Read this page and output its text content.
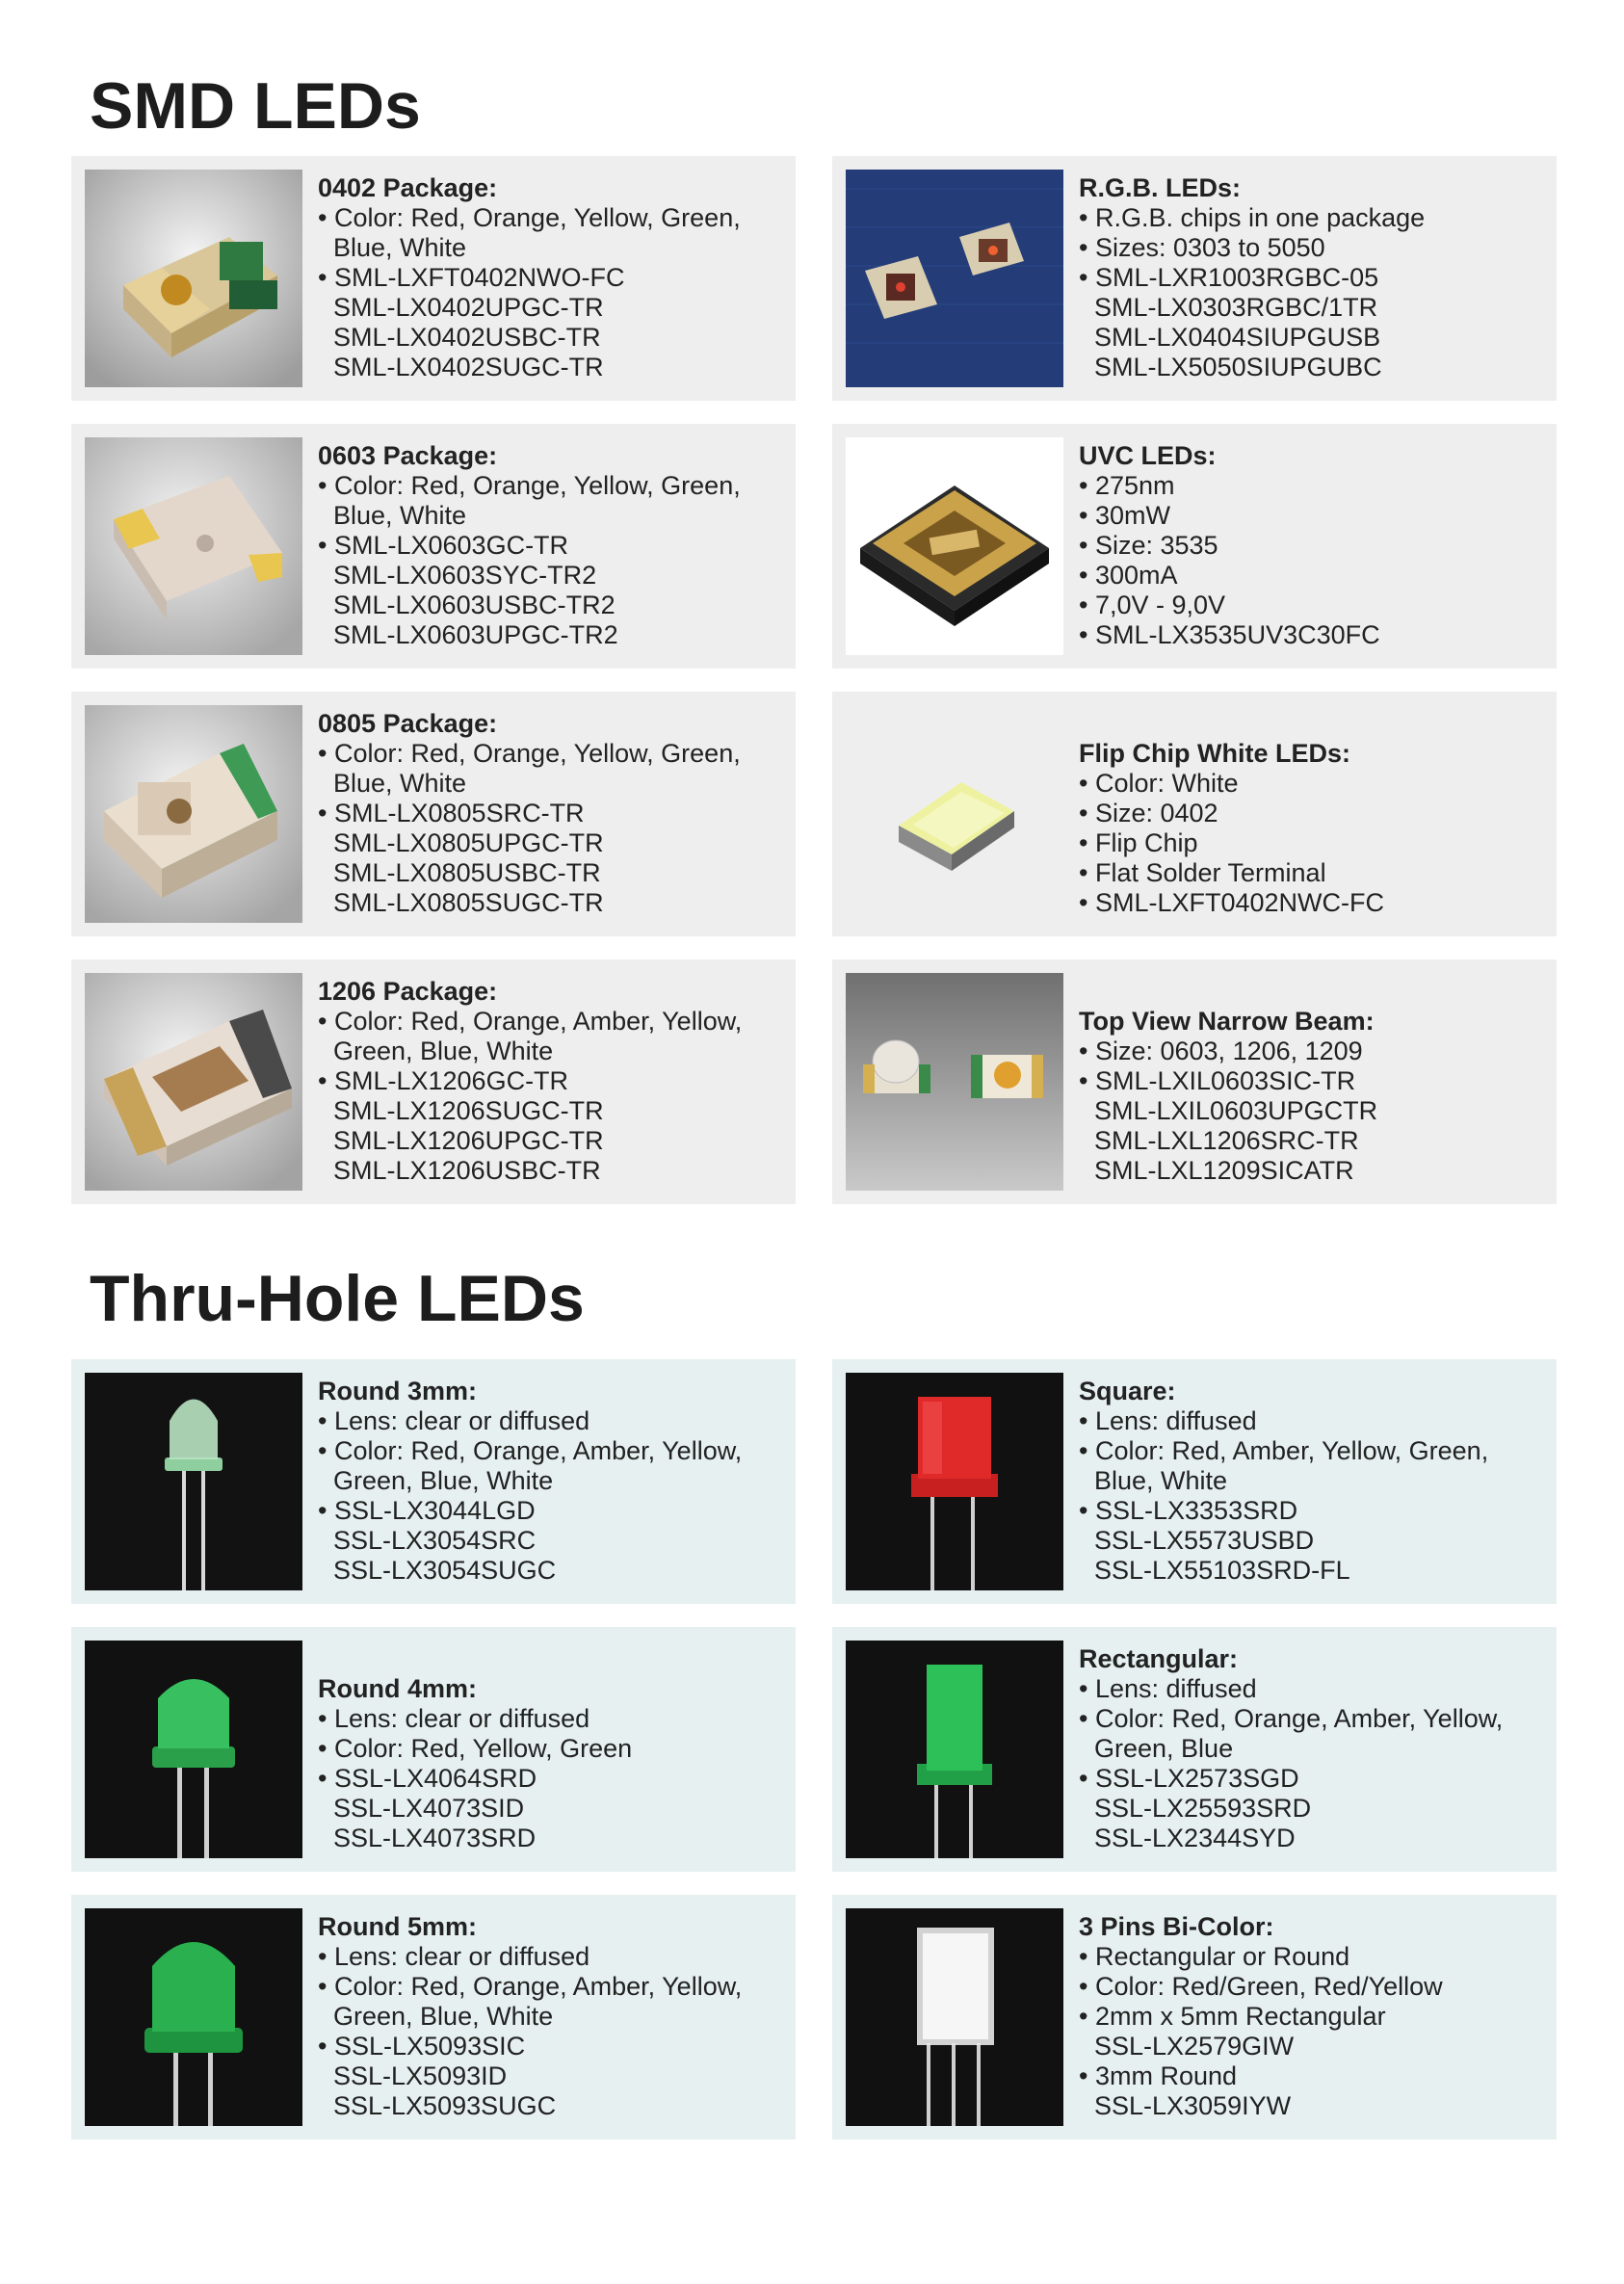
SMD LEDs
0402 Package:
• Color: Red, Orange, Yellow, Green,
Blue, White
• SML-LXFT0402NWO-FC
SML-LX0402UPGC-TR
SML-LX0402USBC-TR
SML-LX0402SUGC-TR
R.G.B. LEDs:
• R.G.B. chips in one package
• Sizes: 0303 to 5050
• SML-LXR1003RGBC-05
SML-LX0303RGBC/1TR
SML-LX0404SIUPGUSB
SML-LX5050SIUPGUBC
0603 Package:
• Color: Red, Orange, Yellow, Green,
Blue, White
• SML-LX0603GC-TR
SML-LX0603SYC-TR2
SML-LX0603USBC-TR2
SML-LX0603UPGC-TR2
UVC LEDs:
• 275nm
• 30mW
• Size: 3535
• 300mA
• 7,0V - 9,0V
• SML-LX3535UV3C30FC
0805 Package:
• Color: Red, Orange, Yellow, Green,
Blue, White
• SML-LX0805SRC-TR
SML-LX0805UPGC-TR
SML-LX0805USBC-TR
SML-LX0805SUGC-TR
Flip Chip White LEDs:
• Color: White
• Size: 0402
• Flip Chip
• Flat Solder Terminal
• SML-LXFT0402NWC-FC
1206 Package:
• Color: Red, Orange, Amber, Yellow,
Green, Blue, White
• SML-LX1206GC-TR
SML-LX1206SUGC-TR
SML-LX1206UPGC-TR
SML-LX1206USBC-TR
Top View Narrow Beam:
• Size: 0603, 1206, 1209
• SML-LXIL0603SIC-TR
SML-LXIL0603UPGCTR
SML-LXL1206SRC-TR
SML-LXL1209SICATR
Thru-Hole LEDs
Round 3mm:
• Lens: clear or diffused
• Color: Red, Orange, Amber, Yellow,
Green, Blue, White
• SSL-LX3044LGD
SSL-LX3054SRC
SSL-LX3054SUGC
Square:
• Lens: diffused
• Color: Red, Amber, Yellow, Green,
Blue, White
• SSL-LX3353SRD
SSL-LX5573USBD
SSL-LX55103SRD-FL
Round 4mm:
• Lens: clear or diffused
• Color: Red, Yellow, Green
• SSL-LX4064SRD
SSL-LX4073SID
SSL-LX4073SRD
Rectangular:
• Lens: diffused
• Color: Red, Orange, Amber, Yellow,
Green, Blue
• SSL-LX2573SGD
SSL-LX25593SRD
SSL-LX2344SYD
Round 5mm:
• Lens: clear or diffused
• Color: Red, Orange, Amber, Yellow,
Green, Blue, White
• SSL-LX5093SIC
SSL-LX5093ID
SSL-LX5093SUGC
3 Pins Bi-Color:
• Rectangular or Round
• Color: Red/Green, Red/Yellow
• 2mm x 5mm Rectangular
SSL-LX2579GIW
• 3mm Round
SSL-LX3059IYW
